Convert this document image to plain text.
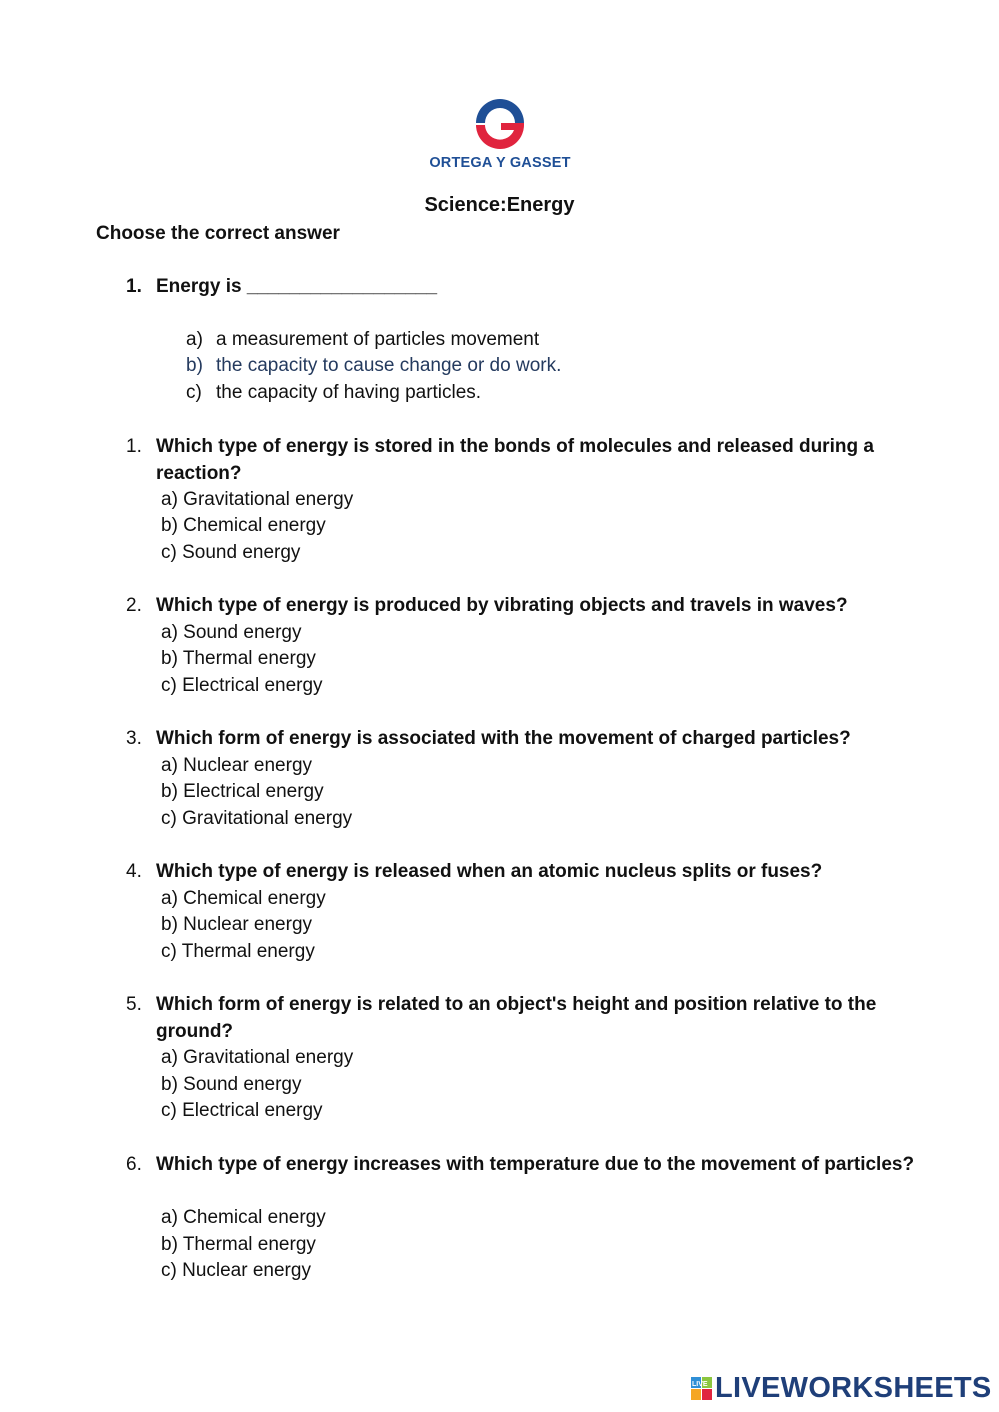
ORTEGA Y GASSET
Science:Energy
Choose the correct answer
1. Energy is __________________
a) a measurement of particles movement
b) the capacity to cause change or do work.
c) the capacity of having particles.
1. Which type of energy is stored in the bonds of molecules and released during a reaction?
a) Gravitational energy
b) Chemical energy
c) Sound energy
2. Which type of energy is produced by vibrating objects and travels in waves?
a) Sound energy
b) Thermal energy
c) Electrical energy
3. Which form of energy is associated with the movement of charged particles?
a) Nuclear energy
b) Electrical energy
c) Gravitational energy
4. Which type of energy is released when an atomic nucleus splits or fuses?
a) Chemical energy
b) Nuclear energy
c) Thermal energy
5. Which form of energy is related to an object's height and position relative to the ground?
a) Gravitational energy
b) Sound energy
c) Electrical energy
6. Which type of energy increases with temperature due to the movement of particles?
a) Chemical energy
b) Thermal energy
c) Nuclear energy
LIVE LIVEWORKSHEETS
